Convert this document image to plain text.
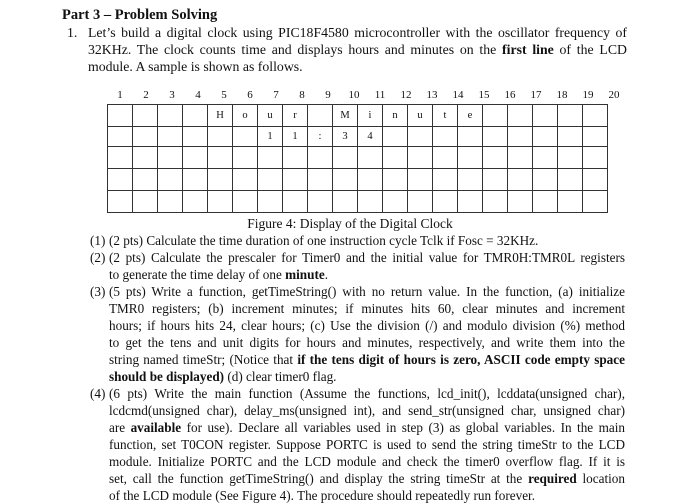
Part 3 – Problem Solving
1. Let’s build a digital clock using PIC18F4580 microcontroller with the oscillator frequency of
32KHz. The clock counts time and displays hours and minutes on the first line of the LCD
module. A sample is shown as follows.
1	2	3	4	5	6	7	8	9	10	11	12	13	14	15	16	17	18	19	20
				H	o	u	r		M	i	n	u	t	e					
						1	1	:	3	4									

Figure 4: Display of the Digital Clock
(1) (2 pts) Calculate the time duration of one instruction cycle Tclk if Fosc = 32KHz.
(2) (2 pts) Calculate the prescaler for Timer0 and the initial value for TMR0H:TMR0L registers
to generate the time delay of one minute.
(3) (5 pts) Write a function, getTimeString() with no return value. In the function, (a) initialize
TMR0 registers; (b) increment minutes; if minutes hits 60, clear minutes and increment
hours; if hours hits 24, clear hours; (c) Use the division (/) and modulo division (%) method
to get the tens and unit digits for hours and minutes, respectively, and write them into the
string named timeStr; (Notice that if the tens digit of hours is zero, ASCII code empty space
should be displayed) (d) clear timer0 flag.
(4) (6 pts) Write the main function (Assume the functions, lcd_init(), lcddata(unsigned char),
lcdcmd(unsigned char), delay_ms(unsigned int), and send_str(unsigned char, unsigned char)
are available for use). Declare all variables used in step (3) as global variables. In the main
function, set T0CON register. Suppose PORTC is used to send the string timeStr to the LCD
module. Initialize PORTC and the LCD module and check the timer0 overflow flag. If it is
set, call the function getTimeString() and display the string timeStr at the required location
of the LCD module (See Figure 4). The procedure should repeatedly run forever.
